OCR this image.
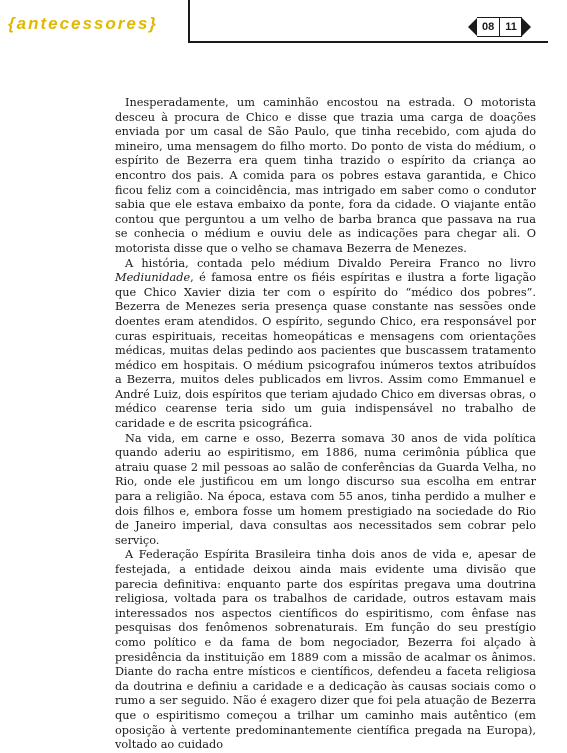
{antecessores}	08	11

Inesperadamente, um caminhão encostou na estrada. O motorista desceu à procura de Chico e disse que trazia uma carga de doações enviada por um casal de São Paulo, que tinha recebido, com ajuda do mineiro, uma mensagem do filho morto. Do ponto de vista do médium, o espírito de Bezerra era quem tinha trazido o espírito da criança ao encontro dos pais. A comida para os pobres estava garantida, e Chico ficou feliz com a coincidência, mas intrigado em saber como o condutor sabia que ele estava embaixo da ponte, fora da cidade. O viajante então contou que perguntou a um velho de barba branca que passava na rua se conhecia o médium e ouviu dele as indicações para chegar ali. O motorista disse que o velho se chamava Bezerra de Menezes.

A história, contada pelo médium Divaldo Pereira Franco no livro Mediunidade, é famosa entre os fiéis espíritas e ilustra a forte ligação que Chico Xavier dizia ter com o espírito do “médico dos pobres”. Bezerra de Menezes seria presença quase constante nas sessões onde doentes eram atendidos. O espírito, segundo Chico, era responsável por curas espirituais, receitas homeopáticas e mensagens com orientações médicas, muitas delas pedindo aos pacientes que buscassem tratamento médico em hospitais. O médium psicografou inúmeros textos atribuídos a Bezerra, muitos deles publicados em livros. Assim como Emmanuel e André Luiz, dois espíritos que teriam ajudado Chico em diversas obras, o médico cearense teria sido um guia indispensável no trabalho de caridade e de escrita psicográfica.

Na vida, em carne e osso, Bezerra somava 30 anos de vida política quando aderiu ao espiritismo, em 1886, numa cerimônia pública que atraiu quase 2 mil pessoas ao salão de conferências da Guarda Velha, no Rio, onde ele justificou em um longo discurso sua escolha em entrar para a religião. Na época, estava com 55 anos, tinha perdido a mulher e dois filhos e, embora fosse um homem prestigiado na sociedade do Rio de Janeiro imperial, dava consultas aos necessitados sem cobrar pelo serviço.

A Federação Espírita Brasileira tinha dois anos de vida e, apesar de festejada, a entidade deixou ainda mais evidente uma divisão que parecia definitiva: enquanto parte dos espíritas pregava uma doutrina religiosa, voltada para os trabalhos de caridade, outros estavam mais interessados nos aspectos científicos do espiritismo, com ênfase nas pesquisas dos fenômenos sobrenaturais. Em função do seu prestígio como político e da fama de bom negociador, Bezerra foi alçado à presidência da instituição em 1889 com a missão de acalmar os ânimos. Diante do racha entre místicos e científicos, defendeu a faceta religiosa da doutrina e definiu a caridade e a dedicação às causas sociais como o rumo a ser seguido. Não é exagero dizer que foi pela atuação de Bezerra que o espiritismo começou a trilhar um caminho mais autêntico (em oposição à vertente predominantemente científica pregada na Europa), voltado ao cuidado
